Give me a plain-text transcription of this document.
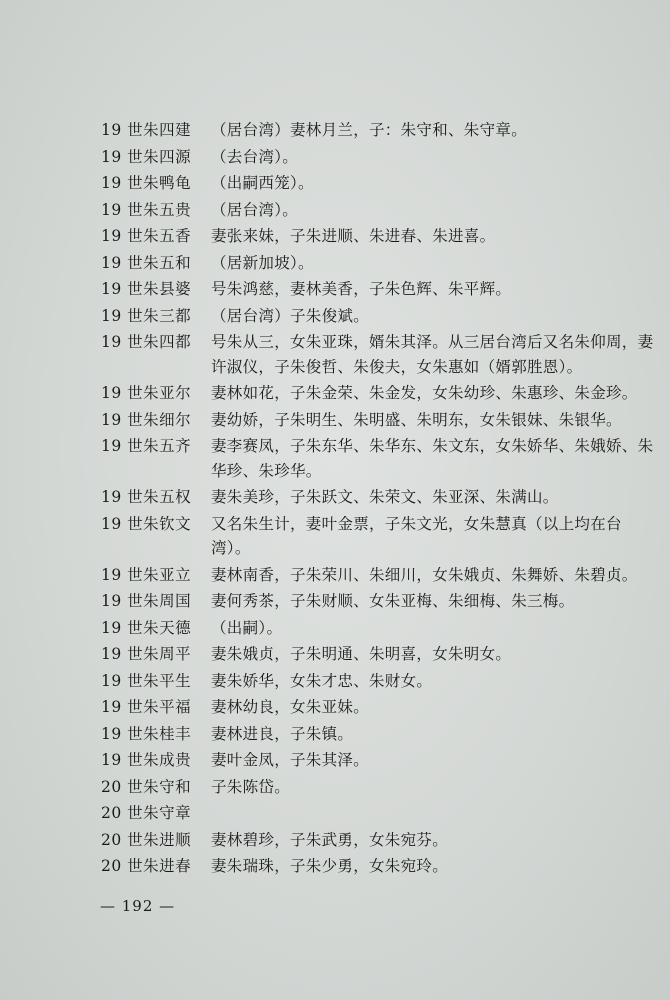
19 世朱四建	（居台湾）妻林月兰，子：朱守和、朱守章。
19 世朱四源	（去台湾）。
19 世朱鸭龟	（出嗣西笼）。
19 世朱五贵	（居台湾）。
19 世朱五香	妻张来妹，子朱进顺、朱进春、朱进喜。
19 世朱五和	（居新加坡）。
19 世朱县婆	号朱鸿慈，妻林美香，子朱色辉、朱平辉。
19 世朱三都	（居台湾）子朱俊斌。
19 世朱四都	号朱从三，女朱亚珠，婿朱其泽。从三居台湾后又名朱仰周，妻许淑仪，子朱俊哲、朱俊夫，女朱惠如（婿郭胜恩）。
19 世朱亚尔	妻林如花，子朱金荣、朱金发，女朱幼珍、朱惠珍、朱金珍。
19 世朱细尔	妻幼娇，子朱明生、朱明盛、朱明东，女朱银妹、朱银华。
19 世朱五齐	妻李赛凤，子朱东华、朱华东、朱文东，女朱娇华、朱娥娇、朱华珍、朱珍华。
19 世朱五权	妻朱美珍，子朱跃文、朱荣文、朱亚深、朱满山。
19 世朱钦文	又名朱生计，妻叶金票，子朱文光，女朱慧真（以上均在台湾）。
19 世朱亚立	妻林南香，子朱荣川、朱细川，女朱娥贞、朱舞娇、朱碧贞。
19 世朱周国	妻何秀茶，子朱财顺、女朱亚梅、朱细梅、朱三梅。
19 世朱天德	（出嗣）。
19 世朱周平	妻朱娥贞，子朱明通、朱明喜，女朱明女。
19 世朱平生	妻朱娇华，女朱才忠、朱财女。
19 世朱平福	妻林幼良，女朱亚妹。
19 世朱桂丰	妻林进良，子朱镇。
19 世朱成贵	妻叶金凤，子朱其泽。
20 世朱守和	子朱陈岱。
20 世朱守章
20 世朱进顺	妻林碧珍，子朱武勇，女朱宛芬。
20 世朱进春	妻朱瑞珠，子朱少勇，女朱宛玲。
— 192 —
